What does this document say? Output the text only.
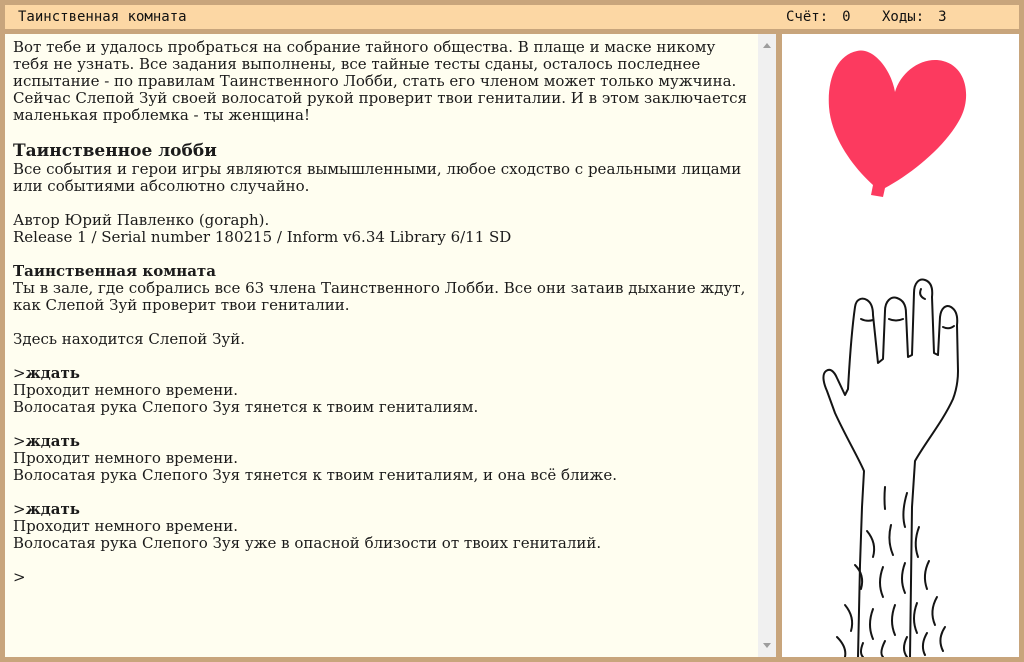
Таинственная комната	Счёт: 0 Ходы: 3
Вот тебе и удалось пробраться на собрание тайного общества. В плаще и маске никому тебя не узнать. Все задания выполнены, все тайные тесты сданы, осталось последнее испытание - по правилам Таинственного Лобби, стать его членом может только мужчина. Сейчас Слепой Зуй своей волосатой рукой проверит твои гениталии. И в этом заключается маленькая проблемка - ты женщина!
Таинственное лобби
Все события и герои игры являются вымышленными, любое сходство с реальными лицами или событиями абсолютно случайно.
Автор Юрий Павленко (goraph).
Release 1 / Serial number 180215 / Inform v6.34 Library 6/11 SD
Таинственная комната
Ты в зале, где собрались все 63 члена Таинственного Лобби. Все они затаив дыхание ждут, как Слепой Зуй проверит твои гениталии.
Здесь находится Слепой Зуй.
>ждать
Проходит немного времени.
Волосатая рука Слепого Зуя тянется к твоим гениталиям.
>ждать
Проходит немного времени.
Волосатая рука Слепого Зуя тянется к твоим гениталиям, и она всё ближе.
>ждать
Проходит немного времени.
Волосатая рука Слепого Зуя уже в опасной близости от твоих гениталий.
>
